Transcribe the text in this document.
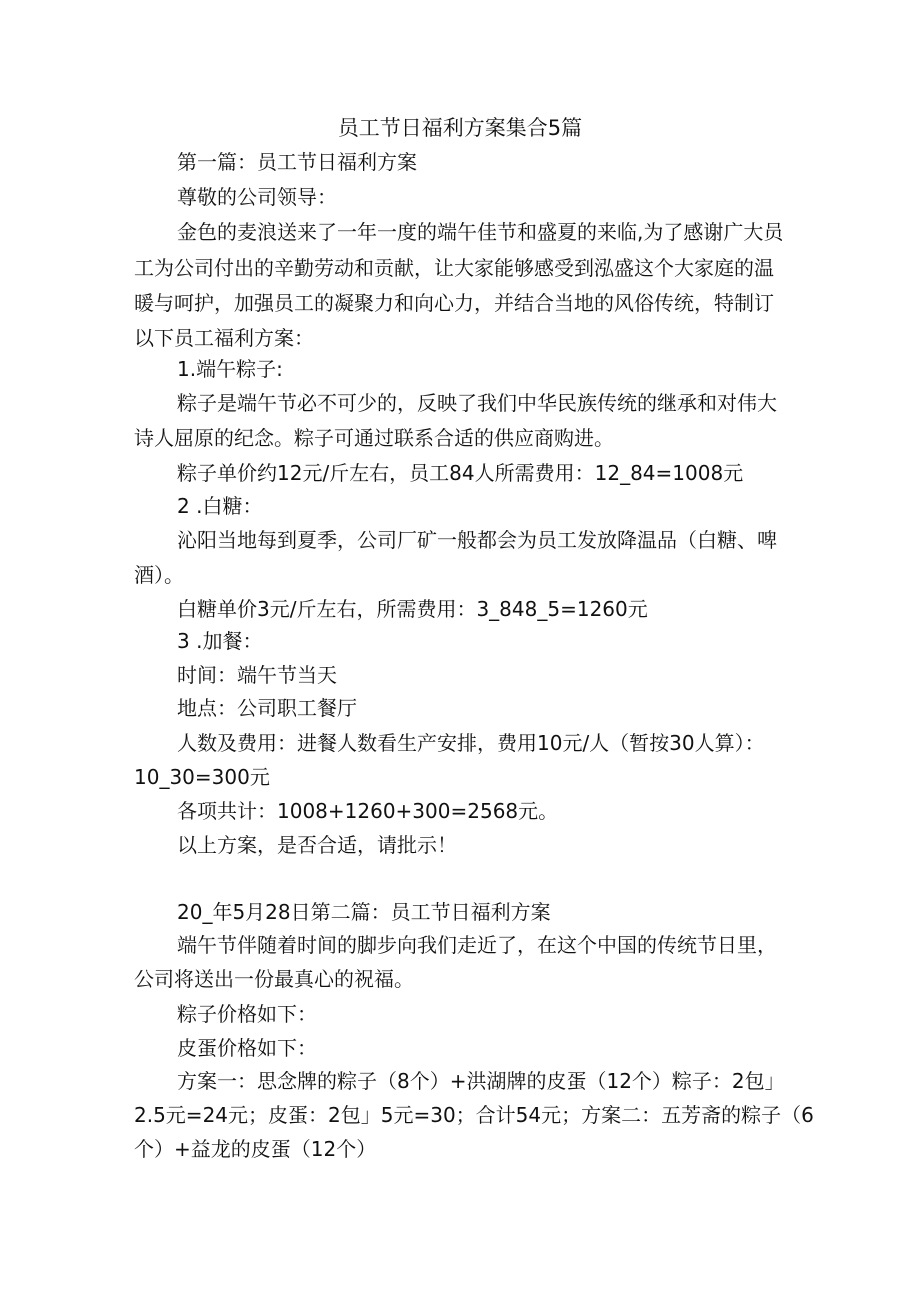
员工节日福利方案集合5篇
第一篇：员工节日福利方案
尊敬的公司领导：
金色的麦浪送来了一年一度的端午佳节和盛夏的来临,为了感谢广大员
工为公司付出的辛勤劳动和贡献，让大家能够感受到泓盛这个大家庭的温
暖与呵护，加强员工的凝聚力和向心力，并结合当地的风俗传统，特制订
以下员工福利方案：
1.端午粽子:
粽子是端午节必不可少的，反映了我们中华民族传统的继承和对伟大
诗人屈原的纪念。粽子可通过联系合适的供应商购进。
粽子单价约12元/斤左右，员工84人所需费用：12_84=1008元
2 .白糖：
沁阳当地每到夏季，公司厂矿一般都会为员工发放降温品（白糖、啤
酒）。
白糖单价3元/斤左右，所需费用：3_848_5=1260元
3 .加餐：
时间：端午节当天
地点：公司职工餐厅
人数及费用：进餐人数看生产安排，费用10元/人（暂按30人算）：
10_30=300元
各项共计：1008+1260+300=2568元。
以上方案，是否合适，请批示！
20_年5月28日第二篇：员工节日福利方案
端午节伴随着时间的脚步向我们走近了，在这个中国的传统节日里，
公司将送出一份最真心的祝福。
粽子价格如下：
皮蛋价格如下：
方案一：思念牌的粽子（8个）+洪湖牌的皮蛋（12个）粽子：2包」
2.5元=24元；皮蛋：2包」5元=30；合计54元；方案二：五芳斋的粽子（6
个）+益龙的皮蛋（12个）
